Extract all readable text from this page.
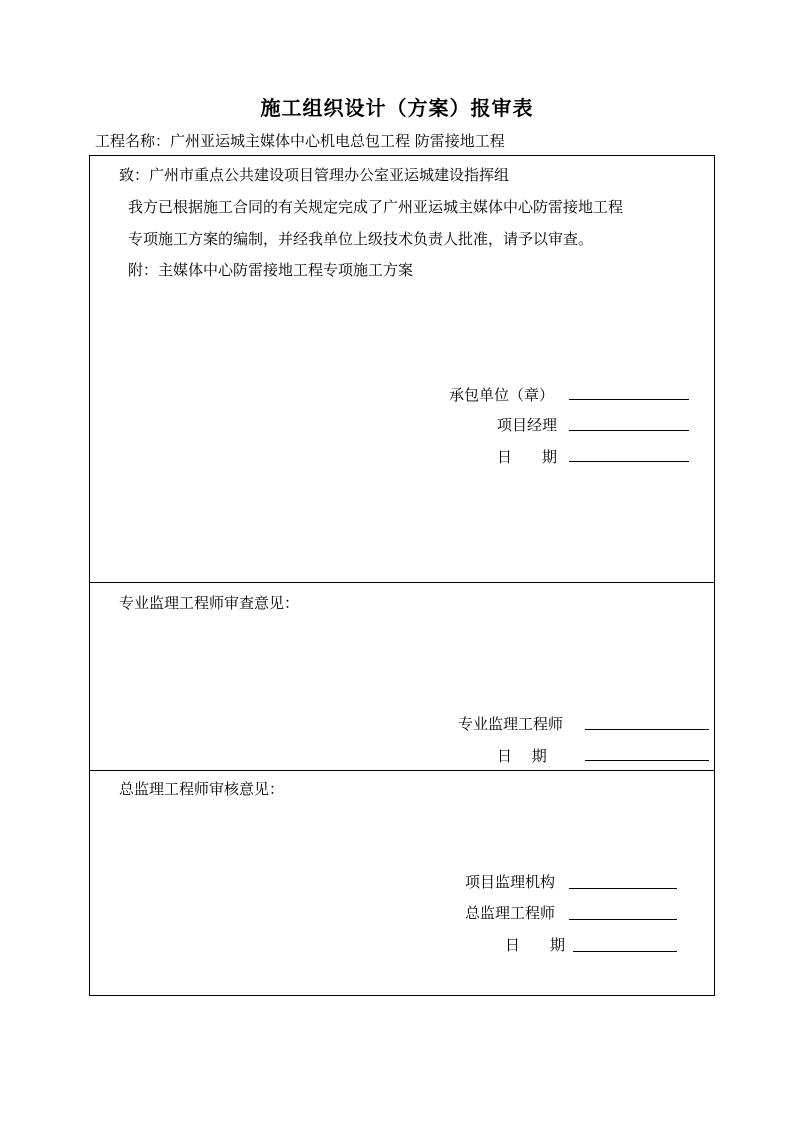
施工组织设计（方案）报审表
工程名称：广州亚运城主媒体中心机电总包工程 防雷接地工程
致：广州市重点公共建设项目管理办公室亚运城建设指挥组
我方已根据施工合同的有关规定完成了广州亚运城主媒体中心防雷接地工程
专项施工方案的编制，并经我单位上级技术负责人批准，请予以审查。
附：主媒体中心防雷接地工程专项施工方案
承包单位（章）
项目经理
日　　期
专业监理工程师审查意见：
专业监理工程师
日　 期
总监理工程师审核意见：
项目监理机构
总监理工程师
日　　期
